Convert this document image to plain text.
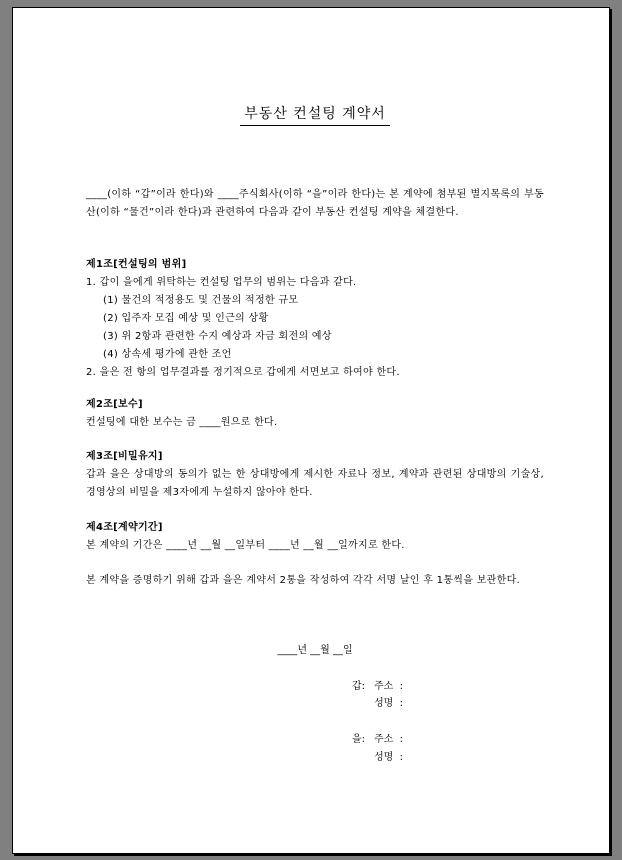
부동산 컨설팅 계약서
____(이하 “갑”이라 한다)와 ____주식회사(이하 “을”이라 한다)는 본 계약에 첨부된 별지목록의 부동산(이하 “물건”이라 한다)과 관련하여 다음과 같이 부동산 컨설팅 계약을 체결한다.
제1조[컨설팅의 범위]
1. 갑이 을에게 위탁하는 컨설팅 업무의 범위는 다음과 같다.
(1) 물건의 적정용도 및 건물의 적정한 규모
(2) 입주자 모집 예상 및 인근의 상황
(3) 위 2항과 관련한 수지 예상과 자금 회전의 예상
(4) 상속세 평가에 관한 조언
2. 을은 전 항의 업무결과를 정기적으로 갑에게 서면보고 하여야 한다.
제2조[보수]
컨설팅에 대한 보수는 금 ____원으로 한다.
제3조[비밀유지]
갑과 을은 상대방의 동의가 없는 한 상대방에게 제시한 자료나 정보, 계약과 관련된 상대방의 기술상, 경영상의 비밀을 제3자에게 누설하지 않아야 한다.
제4조[계약기간]
본 계약의 기간은 ____년 __월 __일부터 ____년 __월 __일까지로 한다.
본 계약을 증명하기 위해 갑과 을은 계약서 2통을 작성하여 각각 서명 날인 후 1통씩을 보관한다.
____년 __월 __일
갑: 주소  :
성명  :
을: 주소  :
성명  :
